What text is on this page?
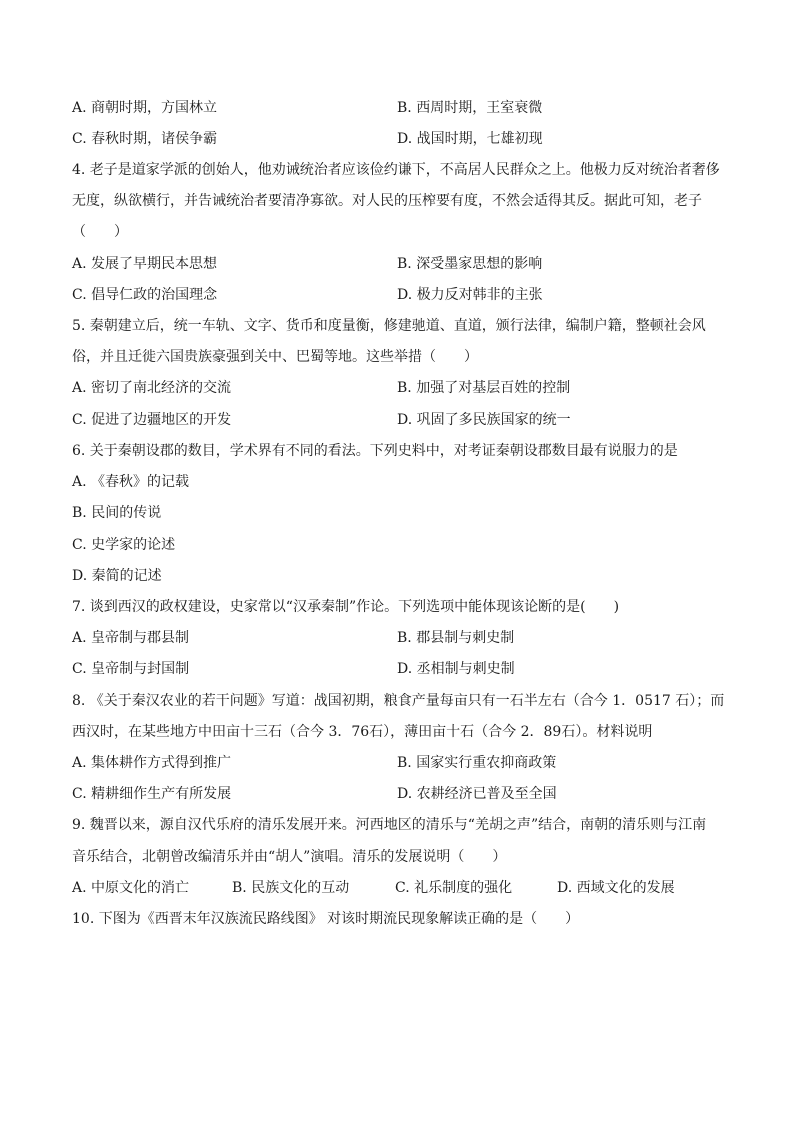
A. 商朝时期，方国林立	B. 西周时期，王室衰微
C. 春秋时期，诸侯争霸	D. 战国时期，七雄初现
4. 老子是道家学派的创始人，他劝诫统治者应该俭约谦下，不高居人民群众之上。他极力反对统治者奢侈
无度，纵欲横行，并告诫统治者要清净寡欲。对人民的压榨要有度，不然会适得其反。据此可知，老子
（　　）
A. 发展了早期民本思想	B. 深受墨家思想的影响
C. 倡导仁政的治国理念	D. 极力反对韩非的主张
5. 秦朝建立后，统一车轨、文字、货币和度量衡，修建驰道、直道，颁行法律，编制户籍，整顿社会风
俗，并且迁徙六国贵族豪强到关中、巴蜀等地。这些举措（　　）
A. 密切了南北经济的交流	B. 加强了对基层百姓的控制
C. 促进了边疆地区的开发	D. 巩固了多民族国家的统一
6. 关于秦朝设郡的数目，学术界有不同的看法。下列史料中，对考证秦朝设郡数目最有说服力的是
A. 《春秋》的记载
B. 民间的传说
C. 史学家的论述
D. 秦简的记述
7. 谈到西汉的政权建设，史家常以“汉承秦制”作论。下列选项中能体现该论断的是(　　)
A. 皇帝制与郡县制	B. 郡县制与刺史制
C. 皇帝制与封国制	D. 丞相制与刺史制
8. 《关于秦汉农业的若干问题》写道：战国初期，粮食产量每亩只有一石半左右（合今 1．0517 石）；而
西汉时，在某些地方中田亩十三石（合今 3．76石），薄田亩十石（合今 2．89石）。材料说明
A. 集体耕作方式得到推广	B. 国家实行重农抑商政策
C. 精耕细作生产有所发展	D. 农耕经济已普及至全国
9. 魏晋以来，源自汉代乐府的清乐发展开来。河西地区的清乐与“羌胡之声”结合，南朝的清乐则与江南
音乐结合，北朝曾改编清乐并由“胡人”演唱。清乐的发展说明（　　）
A. 中原文化的消亡	B. 民族文化的互动	C. 礼乐制度的强化	D. 西域文化的发展
10. 下图为《西晋末年汉族流民路线图》 对该时期流民现象解读正确的是（　　）
